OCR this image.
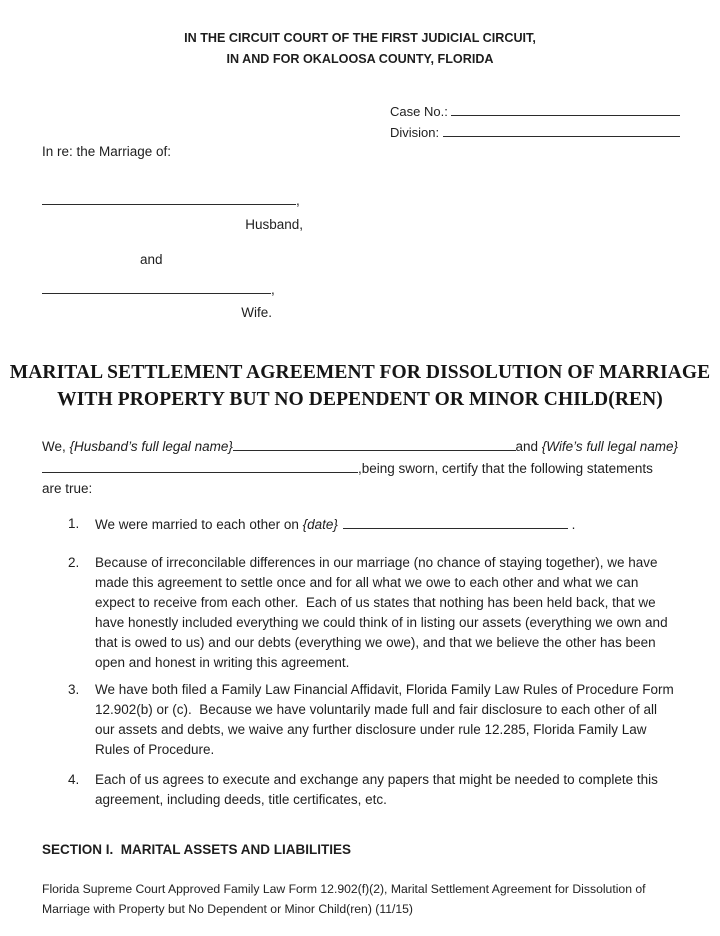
IN THE CIRCUIT COURT OF THE FIRST JUDICIAL CIRCUIT,
IN AND FOR OKALOOSA COUNTY, FLORIDA
Case No.:
Division:
In re: the Marriage of:
,
Husband,
and
,
Wife.
MARITAL SETTLEMENT AGREEMENT FOR DISSOLUTION OF MARRIAGE
WITH PROPERTY BUT NO DEPENDENT OR MINOR CHILD(REN)
We, {Husband’s full legal name}	and {Wife’s full legal name}
,being sworn, certify that the following statements
are true:
1.	We were married to each other on {date}	.
2.	Because of irreconcilable differences in our marriage (no chance of staying together), we have made this agreement to settle once and for all what we owe to each other and what we can expect to receive from each other.  Each of us states that nothing has been held back, that we have honestly included everything we could think of in listing our assets (everything we own and that is owed to us) and our debts (everything we owe), and that we believe the other has been open and honest in writing this agreement.
3.	We have both filed a Family Law Financial Affidavit, Florida Family Law Rules of Procedure Form 12.902(b) or (c).  Because we have voluntarily made full and fair disclosure to each other of all our assets and debts, we waive any further disclosure under rule 12.285, Florida Family Law Rules of Procedure.
4.	Each of us agrees to execute and exchange any papers that might be needed to complete this agreement, including deeds, title certificates, etc.
SECTION I.  MARITAL ASSETS AND LIABILITIES
Florida Supreme Court Approved Family Law Form 12.902(f)(2), Marital Settlement Agreement for Dissolution of Marriage with Property but No Dependent or Minor Child(ren) (11/15)
